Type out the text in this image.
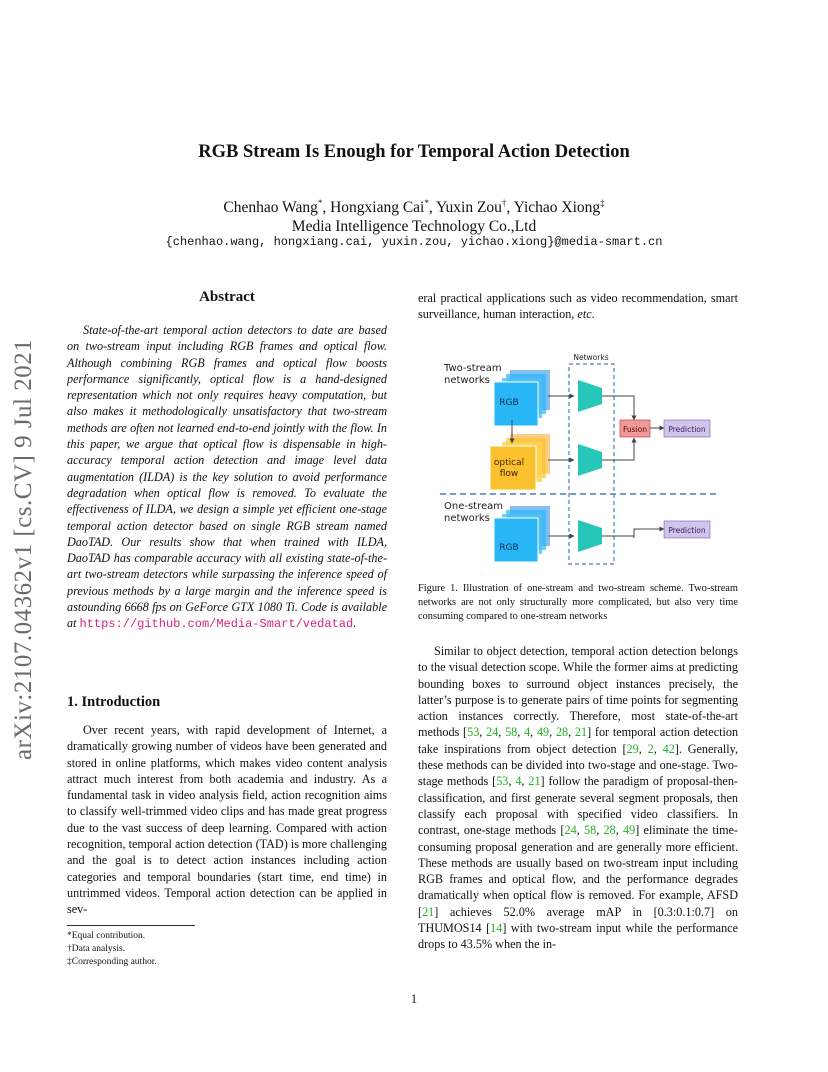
arXiv:2107.04362v1 [cs.CV] 9 Jul 2021
RGB Stream Is Enough for Temporal Action Detection
Chenhao Wang*, Hongxiang Cai*, Yuxin Zou†, Yichao Xiong‡
Media Intelligence Technology Co.,Ltd
{chenhao.wang, hongxiang.cai, yuxin.zou, yichao.xiong}@media-smart.cn
Abstract

State-of-the-art temporal action detectors to date are based on two-stream input including RGB frames and optical flow. Although combining RGB frames and optical flow boosts performance significantly, optical flow is a hand-designed representation which not only requires heavy computation, but also makes it methodologically unsatisfactory that two-stream methods are often not learned end-to-end jointly with the flow. In this paper, we argue that optical flow is dispensable in high-accuracy temporal action detection and image level data augmentation (ILDA) is the key solution to avoid performance degradation when optical flow is removed. To evaluate the effectiveness of ILDA, we design a simple yet efficient one-stage temporal action detector based on single RGB stream named DaoTAD. Our results show that when trained with ILDA, DaoTAD has comparable accuracy with all existing state-of-the-art two-stream detectors while surpassing the inference speed of previous methods by a large margin and the inference speed is astounding 6668 fps on GeForce GTX 1080 Ti. Code is available at https://github.com/Media-Smart/vedatad.

1. Introduction

Over recent years, with rapid development of Internet, a dramatically growing number of videos have been generated and stored in online platforms, which makes video content analysis attract much interest from both academia and industry. As a fundamental task in video analysis field, action recognition aims to classify well-trimmed video clips and has made great progress due to the vast success of deep learning. Compared with action recognition, temporal action detection (TAD) is more challenging and the goal is to detect action instances including action categories and temporal boundaries (start time, end time) in untrimmed videos. Temporal action detection can be applied in sev-

*Equal contribution.
†Data analysis.
‡Corresponding author.

eral practical applications such as video recommendation, smart surveillance, human interaction, etc.

Networks
Two-stream
networks
RGB
optical
flow
Fusion	Prediction
One-stream
networks
RGB
Prediction
Figure 1. Illustration of one-stream and two-stream scheme. Two-stream networks are not only structurally more complicated, but also very time consuming compared to one-stream networks

Similar to object detection, temporal action detection belongs to the visual detection scope. While the former aims at predicting bounding boxes to surround object instances precisely, the latter’s purpose is to generate pairs of time points for segmenting action instances correctly. Therefore, most state-of-the-art methods [53, 24, 58, 4, 49, 28, 21] for temporal action detection take inspirations from object detection [29, 2, 42]. Generally, these methods can be divided into two-stage and one-stage. Two-stage methods [53, 4, 21] follow the paradigm of proposal-then-classification, and first generate several segment proposals, then classify each proposal with specified video classifiers. In contrast, one-stage methods [24, 58, 28, 49] eliminate the time-consuming proposal generation and are generally more efficient. These methods are usually based on two-stream input including RGB frames and optical flow, and the performance degrades dramatically when optical flow is removed. For example, AFSD [21] achieves 52.0% average mAP in [0.3:0.1:0.7] on THUMOS14 [14] with two-stream input while the performance drops to 43.5% when the in-

1
